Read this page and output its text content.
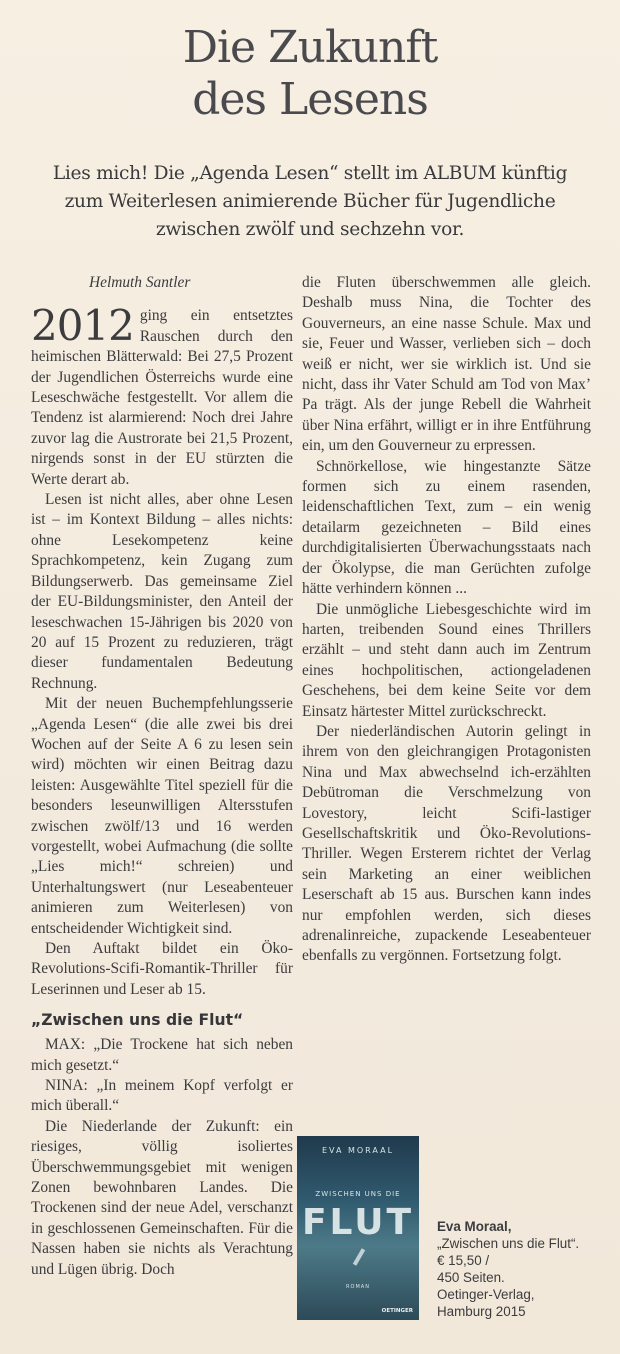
Die Zukunft
des Lesens
Lies mich! Die „Agenda Lesen“ stellt im ALBUM künftig zum Weiterlesen animierende Bücher für Jugendliche zwischen zwölf und sechzehn vor.
Helmuth Santler

2012 ging ein entsetztes Rauschen durch den heimischen Blätterwald: Bei 27,5 Prozent der Jugendlichen Österreichs wurde eine Leseschwäche festgestellt. Vor allem die Tendenz ist alarmierend: Noch drei Jahre zuvor lag die Austrorate bei 21,5 Prozent, nirgends sonst in der EU stürzten die Werte derart ab.

Lesen ist nicht alles, aber ohne Lesen ist – im Kontext Bildung – alles nichts: ohne Lesekompetenz keine Sprachkompetenz, kein Zugang zum Bildungserwerb. Das gemeinsame Ziel der EU-Bildungsminister, den Anteil der leseschwachen 15-Jährigen bis 2020 von 20 auf 15 Prozent zu reduzieren, trägt dieser fundamentalen Bedeutung Rechnung.

Mit der neuen Buchempfehlungsserie „Agenda Lesen“ (die alle zwei bis drei Wochen auf der Seite A 6 zu lesen sein wird) möchten wir einen Beitrag dazu leisten: Ausgewählte Titel speziell für die besonders leseunwilligen Altersstufen zwischen zwölf/13 und 16 werden vorgestellt, wobei Aufmachung (die sollte „Lies mich!“ schreien) und Unterhaltungswert (nur Leseabenteuer animieren zum Weiterlesen) von entscheidender Wichtigkeit sind.

Den Auftakt bildet ein Öko-Revolutions-Scifi-Romantik-Thriller für Leserinnen und Leser ab 15.

„Zwischen uns die Flut“

MAX: „Die Trockene hat sich neben mich gesetzt.“

NINA: „In meinem Kopf verfolgt er mich überall.“

Die Niederlande der Zukunft: ein riesiges, völlig isoliertes Überschwemmungsgebiet mit wenigen Zonen bewohnbaren Landes. Die Trockenen sind der neue Adel, verschanzt in geschlossenen Gemeinschaften. Für die Nassen haben sie nichts als Verachtung und Lügen übrig. Doch

die Fluten überschwemmen alle gleich. Deshalb muss Nina, die Tochter des Gouverneurs, an eine nasse Schule. Max und sie, Feuer und Wasser, verlieben sich – doch weiß er nicht, wer sie wirklich ist. Und sie nicht, dass ihr Vater Schuld am Tod von Max’ Pa trägt. Als der junge Rebell die Wahrheit über Nina erfährt, willigt er in ihre Entführung ein, um den Gouverneur zu erpressen.

Schnörkellose, wie hingestanzte Sätze formen sich zu einem rasenden, leidenschaftlichen Text, zum – ein wenig detailarm gezeichneten – Bild eines durchdigitalisierten Überwachungsstaats nach der Ökolypse, die man Gerüchten zufolge hätte verhindern können ...

Die unmögliche Liebesgeschichte wird im harten, treibenden Sound eines Thrillers erzählt – und steht dann auch im Zentrum eines hochpolitischen, actiongeladenen Geschehens, bei dem keine Seite vor dem Einsatz härtester Mittel zurückschreckt.

Der niederländischen Autorin gelingt in ihrem von den gleichrangigen Protagonisten Nina und Max abwechselnd ich-erzählten Debütroman die Verschmelzung von Lovestory, leicht Scifi-lastiger Gesellschaftskritik und Öko-Revolutions-Thriller. Wegen Ersterem richtet der Verlag sein Marketing an einer weiblichen Leserschaft ab 15 aus. Burschen kann indes nur empfohlen werden, sich dieses adrenalinreiche, zupackende Leseabenteuer ebenfalls zu vergönnen. Fortsetzung folgt.

EVA MORAAL
ZWISCHEN UNS DIE
FLUT
ROMAN
OETINGER
Eva Moraal,
„Zwischen uns die Flut“.
€ 15,50 /
450 Seiten.
Oetinger-Verlag,
Hamburg 2015
